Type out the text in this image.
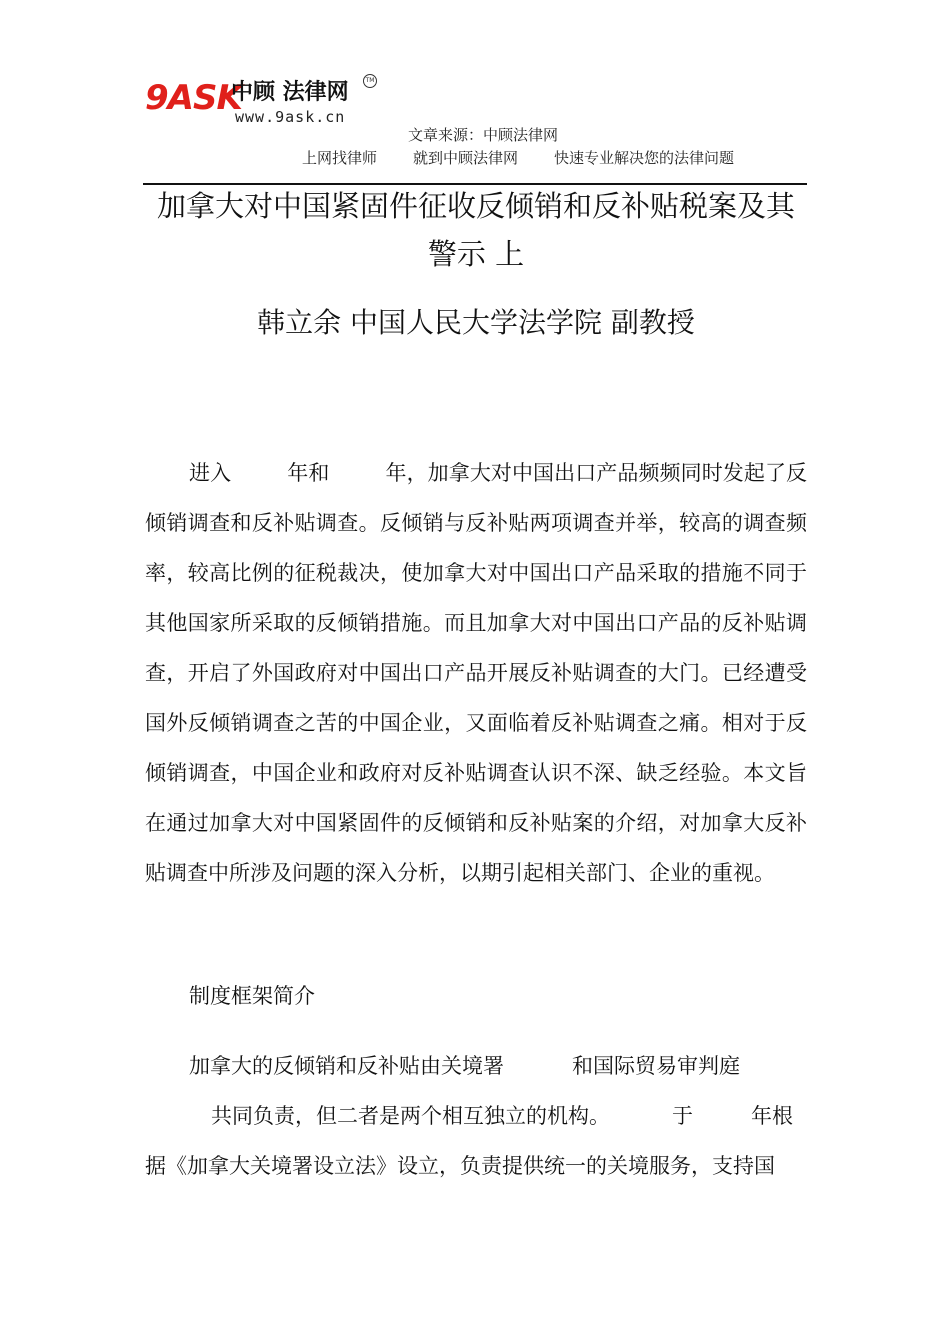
9ASK
中顾 法律网	TM
www.9ask.cn
文章来源：中顾法律网
上网找律师 就到中顾法律网 快速专业解决您的法律问题
加拿大对中国紧固件征收反倾销和反补贴税案及其
警示 上
韩立余 中国人民大学法学院 副教授
进入	年和	年，加拿大对中国出口产品频频同时发起了反倾销调查和反补贴调查。反倾销与反补贴两项调查并举，较高的调查频率，较高比例的征税裁决，使加拿大对中国出口产品采取的措施不同于其他国家所采取的反倾销措施。而且加拿大对中国出口产品的反补贴调查，开启了外国政府对中国出口产品开展反补贴调查的大门。已经遭受国外反倾销调查之苦的中国企业，又面临着反补贴调查之痛。相对于反倾销调查，中国企业和政府对反补贴调查认识不深、缺乏经验。本文旨在通过加拿大对中国紧固件的反倾销和反补贴案的介绍，对加拿大反补贴调查中所涉及问题的深入分析，以期引起相关部门、企业的重视。
制度框架简介
加拿大的反倾销和反补贴由关境署	和国际贸易审判庭
共同负责，但二者是两个相互独立的机构。	于	年根
据《加拿大关境署设立法》设立，负责提供统一的关境服务，支持国
